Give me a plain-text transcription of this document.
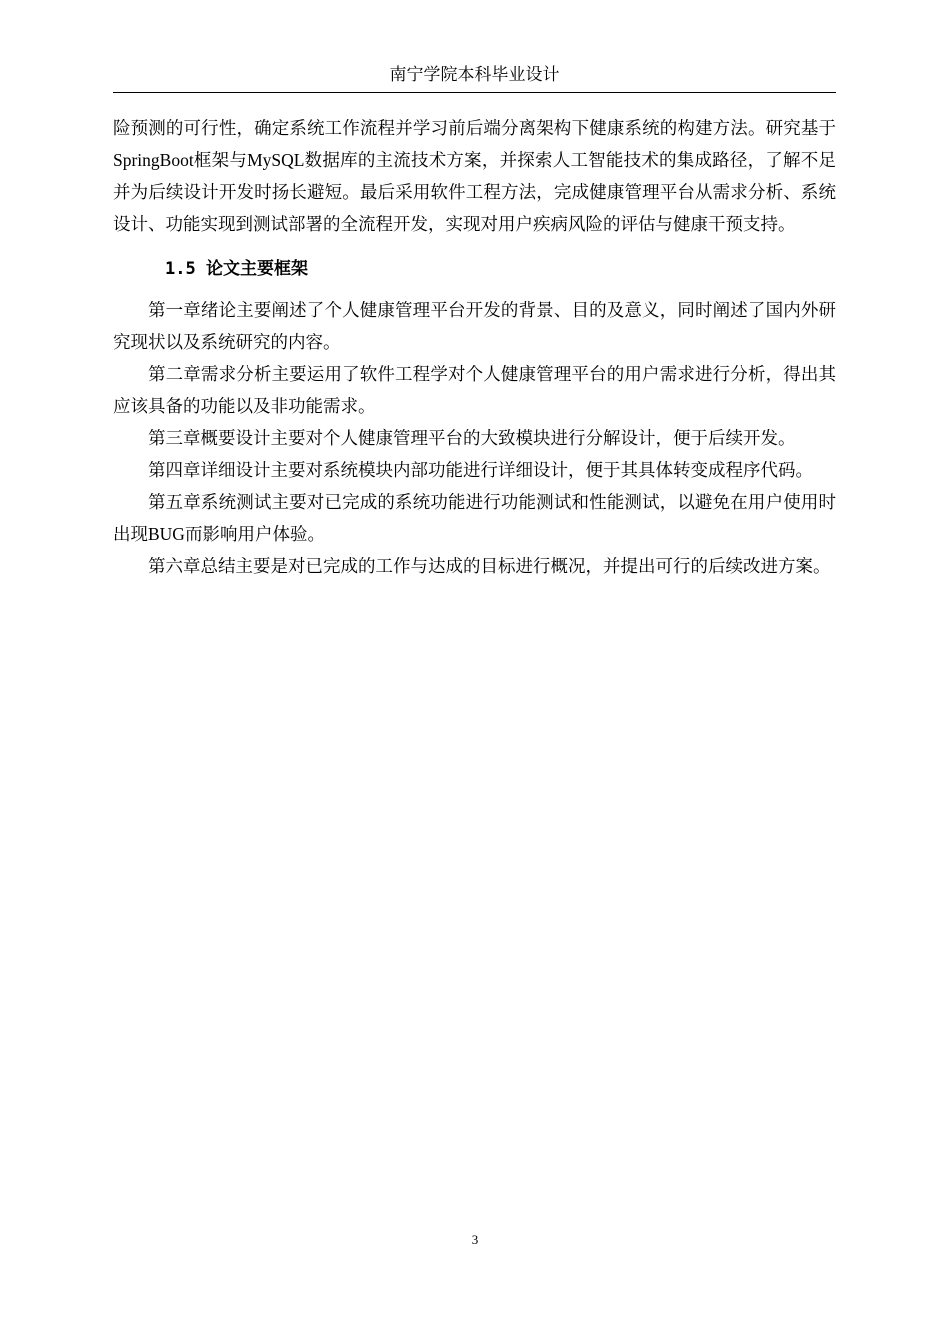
南宁学院本科毕业设计

险预测的可行性，确定系统工作流程并学习前后端分离架构下健康系统的构建方法。研究基于SpringBoot框架与MySQL数据库的主流技术方案，并探索人工智能技术的集成路径，了解不足并为后续设计开发时扬长避短。最后采用软件工程方法，完成健康管理平台从需求分析、系统设计、功能实现到测试部署的全流程开发，实现对用户疾病风险的评估与健康干预支持。

1.5 论文主要框架

第一章绪论主要阐述了个人健康管理平台开发的背景、目的及意义，同时阐述了国内外研究现状以及系统研究的内容。

第二章需求分析主要运用了软件工程学对个人健康管理平台的用户需求进行分析，得出其应该具备的功能以及非功能需求。

第三章概要设计主要对个人健康管理平台的大致模块进行分解设计，便于后续开发。

第四章详细设计主要对系统模块内部功能进行详细设计，便于其具体转变成程序代码。

第五章系统测试主要对已完成的系统功能进行功能测试和性能测试，以避免在用户使用时出现BUG而影响用户体验。

第六章总结主要是对已完成的工作与达成的目标进行概况，并提出可行的后续改进方案。

3
